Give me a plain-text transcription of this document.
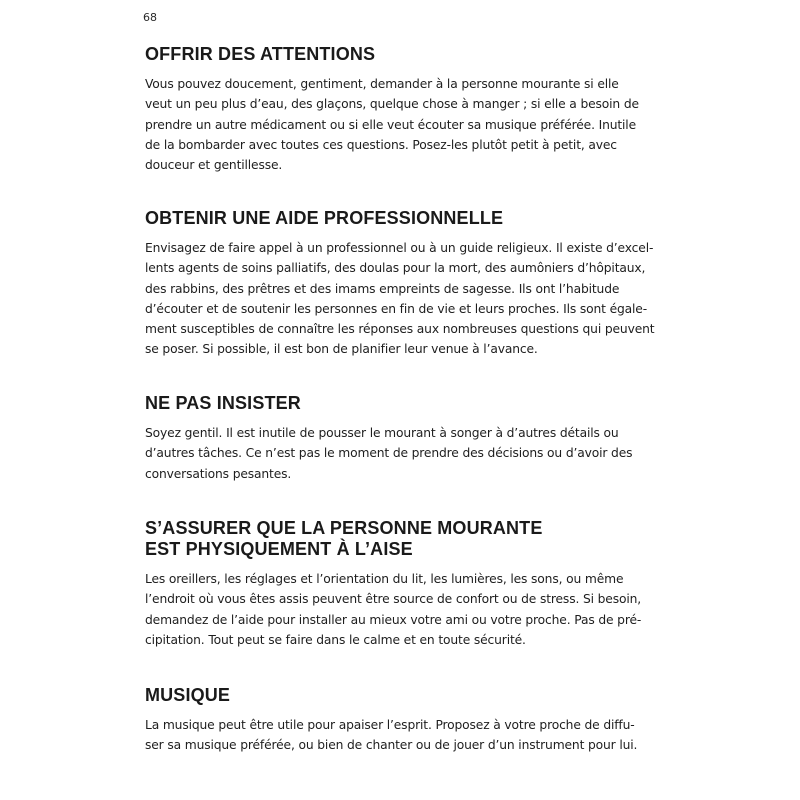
68
OFFRIR DES ATTENTIONS
Vous pouvez doucement, gentiment, demander à la personne mourante si elle
veut un peu plus d’eau, des glaçons, quelque chose à manger ; si elle a besoin de
prendre un autre médicament ou si elle veut écouter sa musique préférée. Inutile
de la bombarder avec toutes ces questions. Posez-les plutôt petit à petit, avec
douceur et gentillesse.
OBTENIR UNE AIDE PROFESSIONNELLE
Envisagez de faire appel à un professionnel ou à un guide religieux. Il existe d’excel-
lents agents de soins palliatifs, des doulas pour la mort, des aumôniers d’hôpitaux,
des rabbins, des prêtres et des imams empreints de sagesse. Ils ont l’habitude
d’écouter et de soutenir les personnes en fin de vie et leurs proches. Ils sont égale-
ment susceptibles de connaître les réponses aux nombreuses questions qui peuvent
se poser. Si possible, il est bon de planifier leur venue à l’avance.
NE PAS INSISTER
Soyez gentil. Il est inutile de pousser le mourant à songer à d’autres détails ou
d’autres tâches. Ce n’est pas le moment de prendre des décisions ou d’avoir des
conversations pesantes.
S’ASSURER QUE LA PERSONNE MOURANTE
EST PHYSIQUEMENT À L’AISE
Les oreillers, les réglages et l’orientation du lit, les lumières, les sons, ou même
l’endroit où vous êtes assis peuvent être source de confort ou de stress. Si besoin,
demandez de l’aide pour installer au mieux votre ami ou votre proche. Pas de pré-
cipitation. Tout peut se faire dans le calme et en toute sécurité.
MUSIQUE
La musique peut être utile pour apaiser l’esprit. Proposez à votre proche de diffu-
ser sa musique préférée, ou bien de chanter ou de jouer d’un instrument pour lui.
